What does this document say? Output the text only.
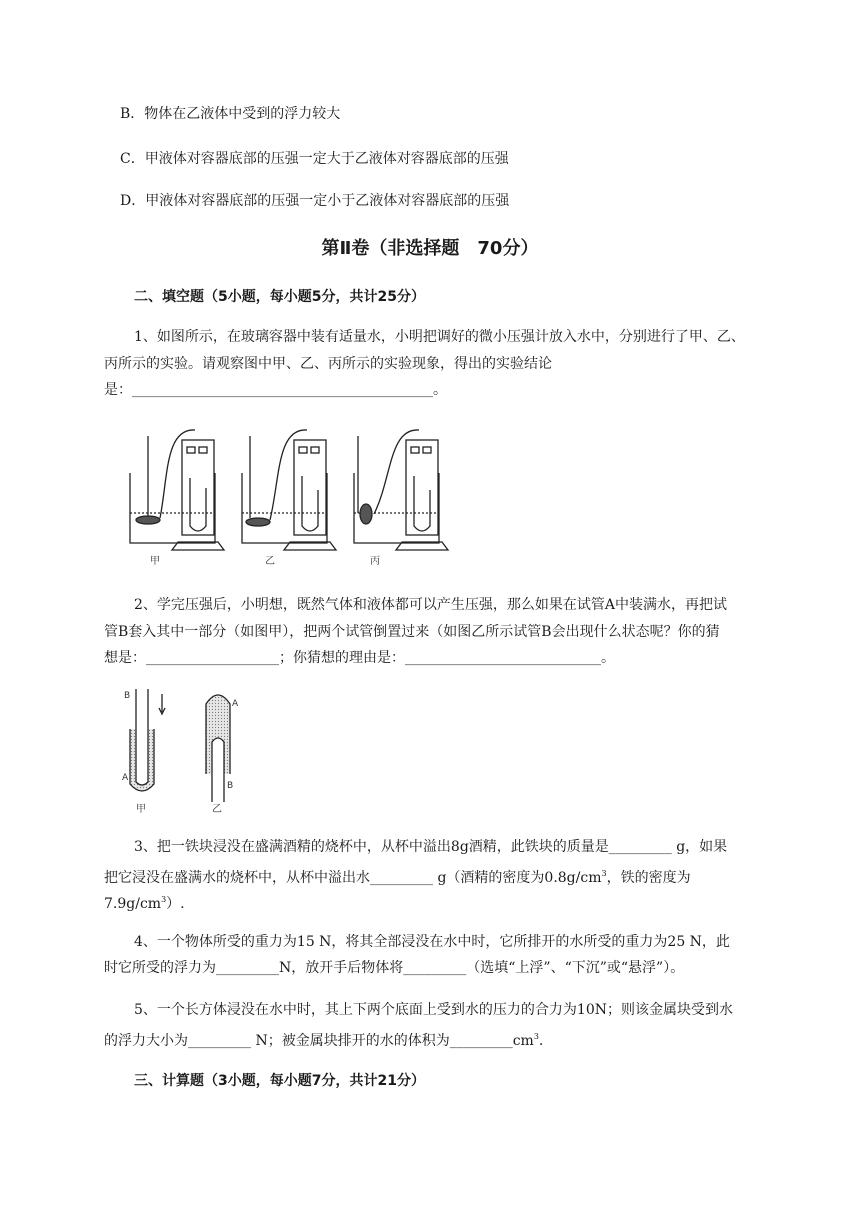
B．物体在乙液体中受到的浮力较大
C．甲液体对容器底部的压强一定大于乙液体对容器底部的压强
D．甲液体对容器底部的压强一定小于乙液体对容器底部的压强
第Ⅱ卷（非选择题　70分）
二、填空题（5小题，每小题5分，共计25分）
1、如图所示，在玻璃容器中装有适量水，小明把调好的微小压强计放入水中，分别进行了甲、乙、
丙所示的实验。请观察图中甲、乙、丙所示的实验现象，得出的实验结论
是：___________________________________________。
甲	乙	丙
2、学完压强后，小明想，既然气体和液体都可以产生压强，那么如果在试管A中装满水，再把试
管B套入其中一部分（如图甲），把两个试管倒置过来（如图乙所示试管B会出现什么状态呢？你的猜
想是：___________________；你猜想的理由是：____________________________。
B
A
A
B
甲	乙
3、把一铁块浸没在盛满酒精的烧杯中，从杯中溢出8g酒精，此铁块的质量是_________ g，如果
把它浸没在盛满水的烧杯中，从杯中溢出水_________ g（酒精的密度为$0.8g/cm^3$，铁的密度为
$7.9g/cm^3$）.
4、一个物体所受的重力为15 N，将其全部浸没在水中时，它所排开的水所受的重力为25 N，此
时它所受的浮力为_________N，放开手后物体将_________（选填“上浮”、“下沉”或“悬浮”）。
5、一个长方体浸没在水中时，其上下两个底面上受到水的压力的合力为10N；则该金属块受到水
的浮力大小为_________ N；被金属块排开的水的体积为$\_\_\_\_\_\_\_\_\_cm^3$.
三、计算题（3小题，每小题7分，共计21分）
